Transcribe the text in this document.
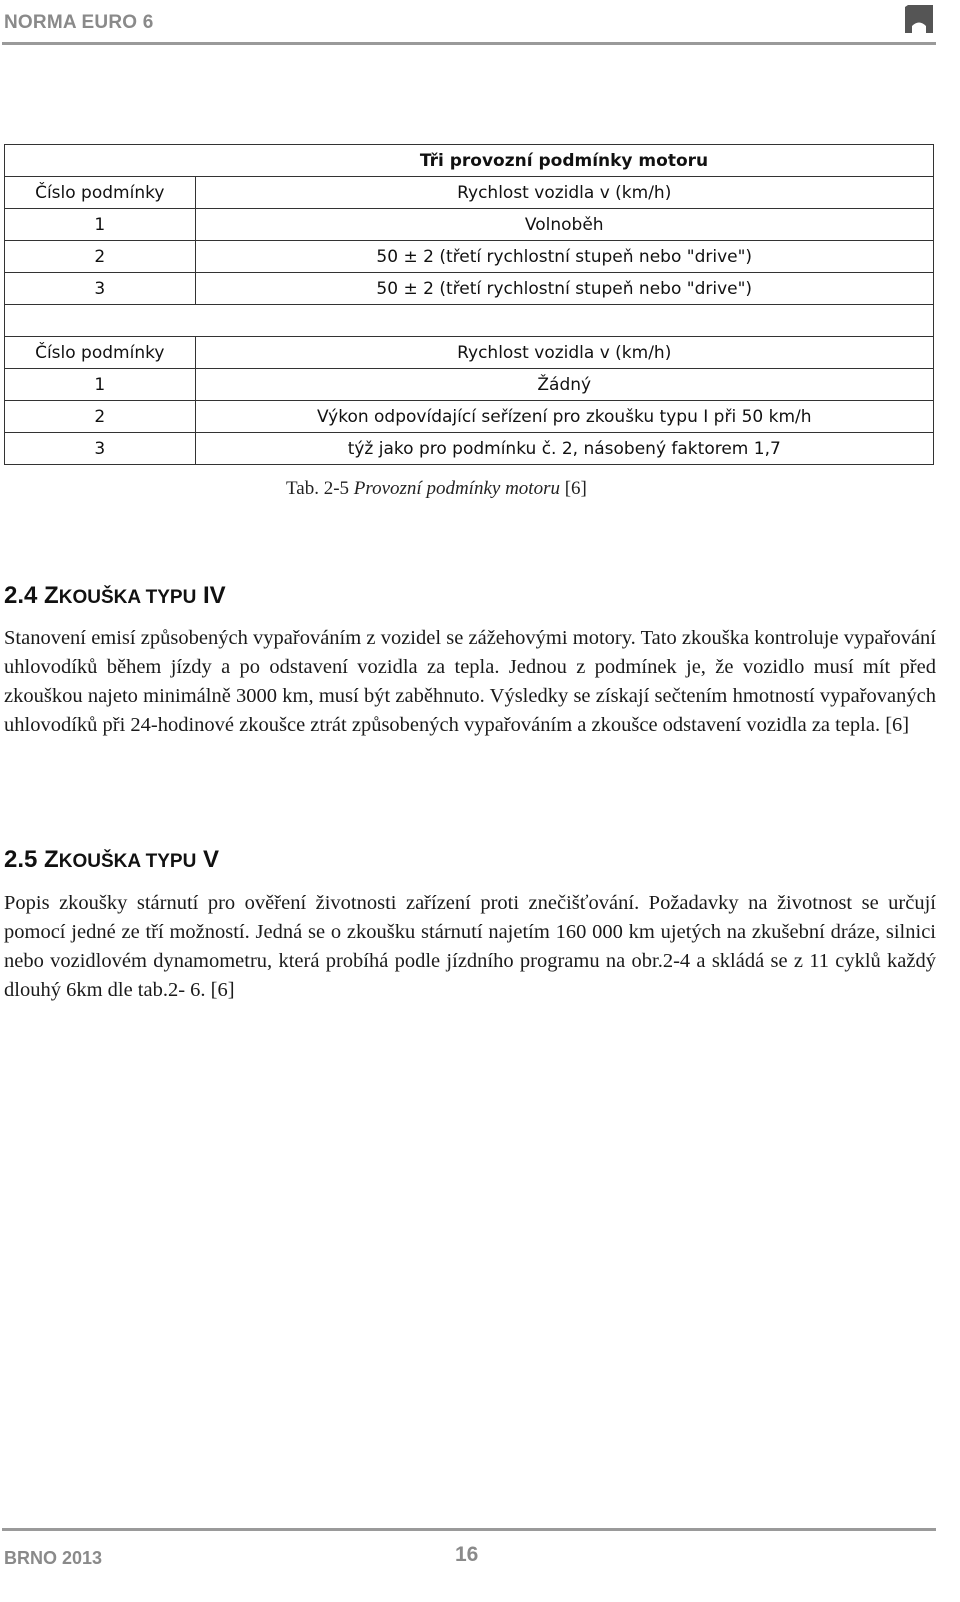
NORMA EURO 6
	Tři provozní podmínky motoru
Číslo podmínky	Rychlost vozidla v (km/h)
1	Volnoběh
2	50 ± 2 (třetí rychlostní stupeň nebo "drive")
3	50 ± 2 (třetí rychlostní stupeň nebo "drive")

Číslo podmínky	Rychlost vozidla v (km/h)
1	Žádný
2	Výkon odpovídající seřízení pro zkoušku typu I při 50 km/h
3	týž jako pro podmínku č. 2, násobený faktorem 1,7
Tab. 2-5 Provozní podmínky motoru [6]
2.4 ZKOUŠKA TYPU IV

Stanovení emisí způsobených vypařováním z vozidel se zážehovými motory. Tato zkouška kontroluje vypařování uhlovodíků během jízdy a po odstavení vozidla za tepla. Jednou z podmínek je, že vozidlo musí mít před zkouškou najeto minimálně 3000 km, musí být zaběhnuto. Výsledky se získají sečtením hmotností vypařovaných uhlovodíků při 24-hodinové zkoušce ztrát způsobených vypařováním a zkoušce odstavení vozidla za tepla. [6]

2.5 ZKOUŠKA TYPU V

Popis zkoušky stárnutí pro ověření životnosti zařízení proti znečišťování. Požadavky na životnost se určují pomocí jedné ze tří možností. Jedná se o zkoušku stárnutí najetím 160 000 km ujetých na zkušební dráze, silnici nebo vozidlovém dynamometru, která probíhá podle jízdního programu na obr.2-4 a skládá se z 11 cyklů každý dlouhý 6km dle tab.2- 6. [6]

BRNO 2013	16
